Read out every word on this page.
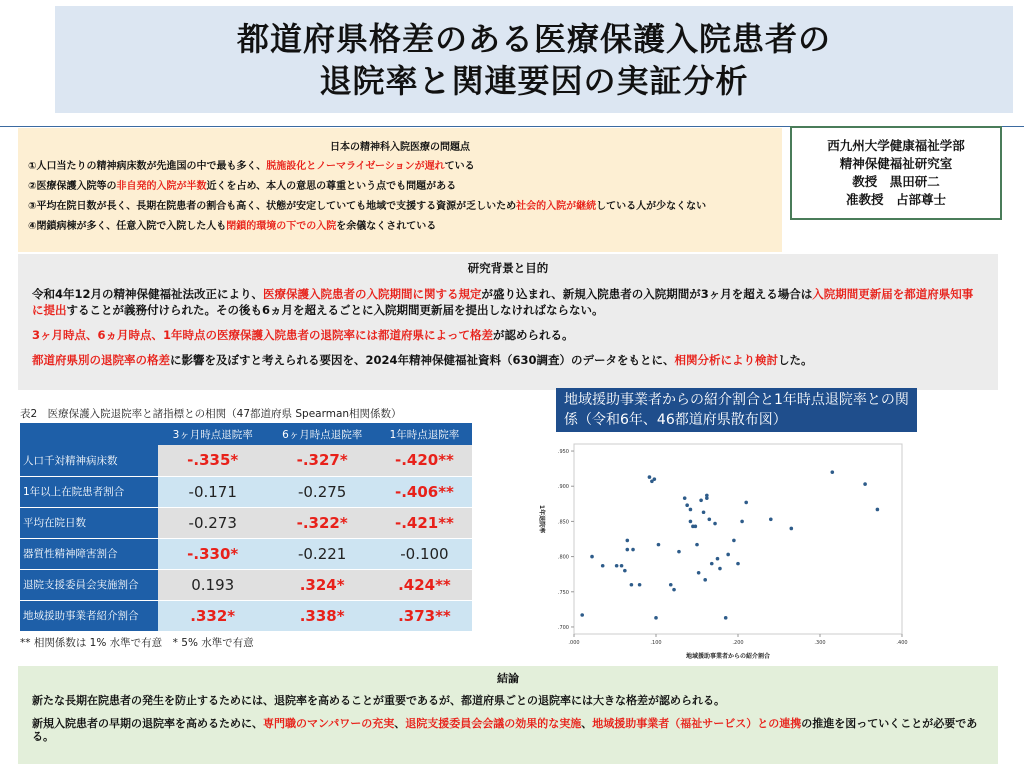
都道府県格差のある医療保護入院患者の
退院率と関連要因の実証分析
日本の精神科入院医療の問題点
①人口当たりの精神病床数が先進国の中で最も多く、脱施設化とノーマライゼーションが遅れている
②医療保護入院等の非自発的入院が半数近くを占め、本人の意思の尊重という点でも問題がある
③平均在院日数が長く、長期在院患者の割合も高く、状態が安定していても地域で支援する資源が乏しいため社会的入院が継続している人が少なくない
④閉鎖病棟が多く、任意入院で入院した人も閉鎖的環境の下での入院を余儀なくされている
西九州大学健康福祉学部
精神保健福祉研究室
教授　黒田研二
准教授　占部尊士
研究背景と目的
令和4年12月の精神保健福祉法改正により、医療保護入院患者の入院期間に関する規定が盛り込まれ、新規入院患者の入院期間が3ヶ月を超える場合は入院期間更新届を都道府県知事に提出することが義務付けられた。その後も6ヵ月を超えるごとに入院期間更新届を提出しなければならない。
3ヶ月時点、6ヵ月時点、1年時点の医療保護入院患者の退院率には都道府県によって格差が認められる。
都道府県別の退院率の格差に影響を及ぼすと考えられる要因を、2024年精神保健福祉資料（630調査）のデータをもとに、相関分析により検討した。
表2　医療保護入院退院率と諸指標との相関（47都道府県 Spearman相関係数）
	3ヶ月時点退院率	6ヶ月時点退院率	1年時点退院率
人口千対精神病床数	-.335*	-.327*	-.420**
1年以上在院患者割合	-0.171	-0.275	-.406**
平均在院日数	-0.273	-.322*	-.421**
器質性精神障害割合	-.330*	-0.221	-0.100
退院支援委員会実施割合	0.193	.324*	.424**
地域援助事業者紹介割合	.332*	.338*	.373**
** 相関係数は 1% 水準で有意　* 5% 水準で有意
地域援助事業者からの紹介割合と1年時点退院率との関係（令和6年、46都道府県散布図）
.950
.900
.850
.800
.750
.700
.000	.100	.200	.300	.400
地域援助事業者からの紹介割合
1年退院率
結論
新たな長期在院患者の発生を防止するためには、退院率を高めることが重要であるが、都道府県ごとの退院率には大きな格差が認められる。
新規入院患者の早期の退院率を高めるために、専門職のマンパワーの充実、退院支援委員会会議の効果的な実施、地域援助事業者（福祉サービス）との連携の推進を図っていくことが必要である。
